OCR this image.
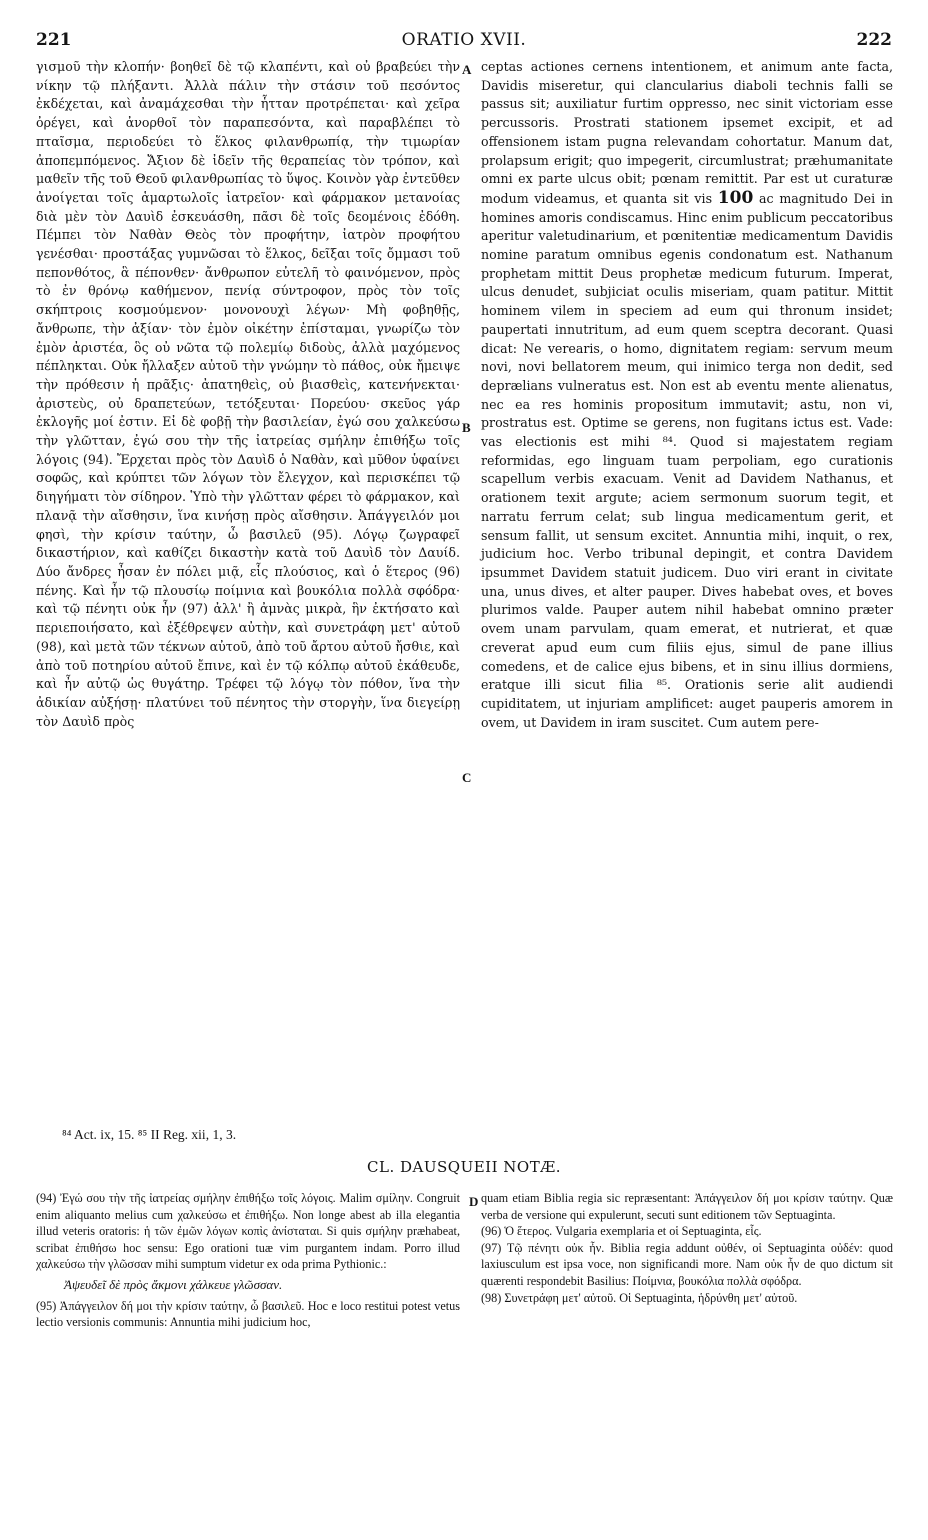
221	ORATIO XVII.	222

γισμοῦ τὴν κλοπήν· βοηθεῖ δὲ τῷ κλαπέντι, καὶ οὐ βραβεύει τὴν νίκην τῷ πλήξαντι. Ἀλλὰ πάλιν τὴν στάσιν τοῦ πεσόντος ἐκδέχεται, καὶ ἀναμάχεσθαι τὴν ἧτταν προτρέπεται· καὶ χεῖρα ὀρέγει, καὶ ἀνορθοῖ τὸν παραπεσόντα, καὶ παραβλέπει τὸ πταῖσμα, περιοδεύει τὸ ἕλκος φιλανθρωπίᾳ, τὴν τιμωρίαν ἀποπεμπόμενος. Ἄξιον δὲ ἰδεῖν τῆς θεραπείας τὸν τρόπον, καὶ μαθεῖν τῆς τοῦ Θεοῦ φιλανθρωπίας τὸ ὕψος. Κοινὸν γὰρ ἐντεῦθεν ἀνοίγεται τοῖς ἁμαρτωλοῖς ἰατρεῖον· καὶ φάρμακον μετανοίας διὰ μὲν τὸν Δαυὶδ ἐσκευάσθη, πᾶσι δὲ τοῖς δεομένοις ἐδόθη. Πέμπει τὸν Ναθὰν Θεὸς τὸν προφήτην, ἰατρὸν προφήτου γενέσθαι· προστάξας γυμνῶσαι τὸ ἕλκος, δεῖξαι τοῖς ὄμμασι τοῦ πεπονθότος, ἃ πέπονθεν· ἄνθρωπον εὐτελῆ τὸ φαινόμενον, πρὸς τὸ ἐν θρόνῳ καθήμενον, πενίᾳ σύντροφον, πρὸς τὸν τοῖς σκήπτροις κοσμούμενον· μονονουχὶ λέγων· Μὴ φοβηθῇς, ἄνθρωπε, τὴν ἀξίαν· τὸν ἐμὸν οἰκέτην ἐπίσταμαι, γνωρίζω τὸν ἐμὸν ἀριστέα, ὃς οὐ νῶτα τῷ πολεμίῳ διδοὺς, ἀλλὰ μαχόμενος πέπληκται. Οὐκ ἤλλαξεν αὐτοῦ τὴν γνώμην τὸ πάθος, οὐκ ἤμειψε τὴν πρόθεσιν ἡ πρᾶξις· ἀπατηθεὶς, οὐ βιασθεὶς, κατενήνεκται· ἀριστεὺς, οὐ δραπετεύων, τετόξευται· Πορεύου· σκεῦος γάρ ἐκλογῆς μοί ἐστιν. Εἰ δὲ φοβῇ τὴν βασιλείαν, ἐγώ σου χαλκεύσω τὴν γλῶτταν, ἐγώ σου τὴν τῆς ἰατρείας σμήλην ἐπιθήξω τοῖς λόγοις (94). Ἔρχεται πρὸς τὸν Δαυὶδ ὁ Ναθὰν, καὶ μῦθον ὑφαίνει σοφῶς, καὶ κρύπτει τῶν λόγων τὸν ἔλεγχον, καὶ περισκέπει τῷ διηγήματι τὸν σίδηρον. Ὑπὸ τὴν γλῶτταν φέρει τὸ φάρμακον, καὶ πλανᾷ τὴν αἴσθησιν, ἵνα κινήσῃ πρὸς αἴσθησιν. Ἀπάγγειλόν μοι φησὶ, τὴν κρίσιν ταύτην, ὦ βασιλεῦ (95). Λόγῳ ζωγραφεῖ δικαστήριον, καὶ καθίζει δικαστὴν κατὰ τοῦ Δαυὶδ τὸν Δαυίδ. Δύο ἄνδρες ἦσαν ἐν πόλει μιᾷ, εἷς πλούσιος, καὶ ὁ ἕτερος (96) πένης. Καὶ ἦν τῷ πλουσίῳ ποίμνια καὶ βουκόλια πολλὰ σφόδρα· καὶ τῷ πένητι οὐκ ἦν (97) ἀλλ' ἢ ἀμνὰς μικρὰ, ἣν ἐκτήσατο καὶ περιεποιήσατο, καὶ ἐξέθρεψεν αὐτὴν, καὶ συνετράφη μετ' αὐτοῦ (98), καὶ μετὰ τῶν τέκνων αὐτοῦ, ἀπὸ τοῦ ἄρτου αὐτοῦ ἤσθιε, καὶ ἀπὸ τοῦ ποτηρίου αὐτοῦ ἔπινε, καὶ ἐν τῷ κόλπῳ αὐτοῦ ἐκάθευδε, καὶ ἦν αὐτῷ ὡς θυγάτηρ. Τρέφει τῷ λόγῳ τὸν πόθον, ἵνα τὴν ἀδικίαν αὐξήσῃ· πλατύνει τοῦ πένητος τὴν στοργὴν, ἵνα διεγείρῃ τὸν Δαυὶδ πρὸς

A
B
C

ceptas actiones cernens intentionem, et animum ante facta, Davidis miseretur, qui clancularius diaboli technis falli se passus sit; auxiliatur furtim oppresso, nec sinit victoriam esse percussoris. Prostrati stationem ipsemet excipit, et ad offensionem istam pugna relevandam cohortatur. Manum dat, prolapsum erigit; quo impegerit, circumlustrat; præhumanitate omni ex parte ulcus obit; pœnam remittit. Par est ut curaturæ modum videamus, et quanta sit vis 100 ac magnitudo Dei in homines amoris condiscamus. Hinc enim publicum peccatoribus aperitur valetudinarium, et pœnitentiæ medicamentum Davidis nomine paratum omnibus egenis condonatum est. Nathanum prophetam mittit Deus prophetæ medicum futurum. Imperat, ulcus denudet, subjiciat oculis miseriam, quam patitur. Mittit hominem vilem in speciem ad eum qui thronum insidet; paupertati innutritum, ad eum quem sceptra decorant. Quasi dicat: Ne verearis, o homo, dignitatem regiam: servum meum novi, novi bellatorem meum, qui inimico terga non dedit, sed deprælians vulneratus est. Non est ab eventu mente alienatus, nec ea res hominis propositum immutavit; astu, non vi, prostratus est. Optime se gerens, non fugitans ictus est. Vade: vas electionis est mihi ⁸⁴. Quod si majestatem regiam reformidas, ego linguam tuam perpoliam, ego curationis scapellum verbis exacuam. Venit ad Davidem Nathanus, et orationem texit argute; aciem sermonum suorum tegit, et narratu ferrum celat; sub lingua medicamentum gerit, et sensum fallit, ut sensum excitet. Annuntia mihi, inquit, o rex, judicium hoc. Verbo tribunal depingit, et contra Davidem ipsummet Davidem statuit judicem. Duo viri erant in civitate una, unus dives, et alter pauper. Dives habebat oves, et boves plurimos valde. Pauper autem nihil habebat omnino præter ovem unam parvulam, quam emerat, et nutrierat, et quæ creverat apud eum cum filiis ejus, simul de pane illius comedens, et de calice ejus bibens, et in sinu illius dormiens, eratque illi sicut filia ⁸⁵. Orationis serie alit audiendi cupiditatem, ut injuriam amplificet: auget pauperis amorem in ovem, ut Davidem in iram suscitet. Cum autem pere-

⁸⁴ Act. ix, 15. ⁸⁵ II Reg. xii, 1, 3.
CL. DAUSQUEII NOTÆ.

(94) Ἐγώ σου τὴν τῆς ἰατρείας σμήλην ἐπιθήξω τοῖς λόγοις. Malim σμίλην. Congruit enim aliquanto melius cum χαλκεύσω et ἐπιθήξω. Non longe abest ab illa elegantia illud veteris oratoris: ἡ τῶν ἐμῶν λόγων κοπὶς ἀνίσταται. Si quis σμήλην præhabeat, scribat ἐπιθήσω hoc sensu: Ego orationi tuæ vim purgantem indam. Porro illud χαλκεύσω τὴν γλῶσσαν mihi sumptum videtur ex oda prima Pythionic.:

Ἀψευδεῖ δὲ πρὸς ἄκμονι χάλκευε γλῶσσαν.

(95) Ἀπάγγειλον δή μοι τὴν κρίσιν ταύτην, ὦ βασιλεῦ. Hoc e loco restitui potest vetus lectio versionis communis: Annuntia mihi judicium hoc,

D quam etiam Biblia regia sic repræsentant: Ἀπάγγειλον δή μοι κρίσιν ταύτην. Quæ verba de versione qui expulerunt, secuti sunt editionem τῶν Septuaginta.

(96) Ὁ ἕτερος. Vulgaria exemplaria et οἱ Septuaginta, εἷς.

(97) Τῷ πένητι οὐκ ἦν. Biblia regia addunt οὐθέν, οἱ Septuaginta οὐδέν: quod laxiusculum est ipsa voce, non significandi more. Nam οὐκ ἦν de quo dictum sit quærenti respondebit Basilius: Ποίμνια, βουκόλια πολλὰ σφόδρα.

(98) Συνετράφη μετ' αὐτοῦ. Οἱ Septuaginta, ἡδρύνθη μετ' αὐτοῦ.
